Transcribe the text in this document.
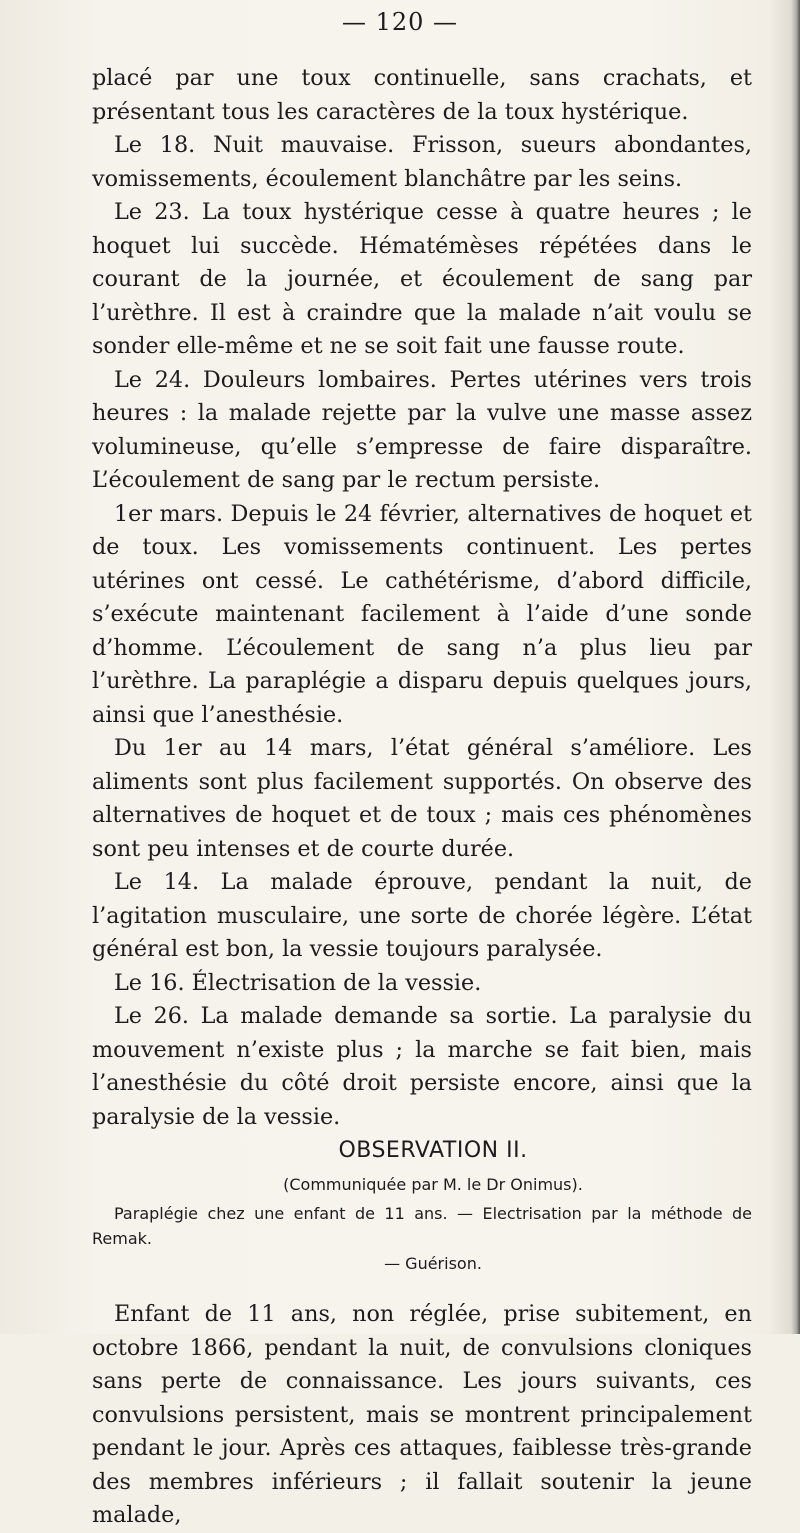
— 120 —

placé par une toux continuelle, sans crachats, et présentant tous les caractères de la toux hystérique.

Le 18. Nuit mauvaise. Frisson, sueurs abondantes, vomissements, écoulement blanchâtre par les seins.

Le 23. La toux hystérique cesse à quatre heures ; le hoquet lui succède. Hématémèses répétées dans le courant de la journée, et écoulement de sang par l’urèthre. Il est à craindre que la malade n’ait voulu se sonder elle-même et ne se soit fait une fausse route.

Le 24. Douleurs lombaires. Pertes utérines vers trois heures : la malade rejette par la vulve une masse assez volumineuse, qu’elle s’empresse de faire disparaître. L’écoulement de sang par le rectum persiste.

1er mars. Depuis le 24 février, alternatives de hoquet et de toux. Les vomissements continuent. Les pertes utérines ont cessé. Le cathétérisme, d’abord difficile, s’exécute maintenant facilement à l’aide d’une sonde d’homme. L’écoulement de sang n’a plus lieu par l’urèthre. La paraplégie a disparu depuis quelques jours, ainsi que l’anesthésie.

Du 1er au 14 mars, l’état général s’améliore. Les aliments sont plus facilement supportés. On observe des alternatives de hoquet et de toux ; mais ces phénomènes sont peu intenses et de courte durée.

Le 14. La malade éprouve, pendant la nuit, de l’agitation musculaire, une sorte de chorée légère. L’état général est bon, la vessie toujours paralysée.

Le 16. Électrisation de la vessie.

Le 26. La malade demande sa sortie. La paralysie du mouvement n’existe plus ; la marche se fait bien, mais l’anesthésie du côté droit persiste encore, ainsi que la paralysie de la vessie.

OBSERVATION II.

(Communiquée par M. le Dr Onimus).

Paraplégie chez une enfant de 11 ans. — Electrisation par la méthode de Remak.
— Guérison.

Enfant de 11 ans, non réglée, prise subitement, en octobre 1866, pendant la nuit, de convulsions cloniques sans perte de connaissance. Les jours suivants, ces convulsions persistent, mais se montrent principalement pendant le jour. Après ces attaques, faiblesse très-grande des membres inférieurs ; il fallait soutenir la jeune malade,
